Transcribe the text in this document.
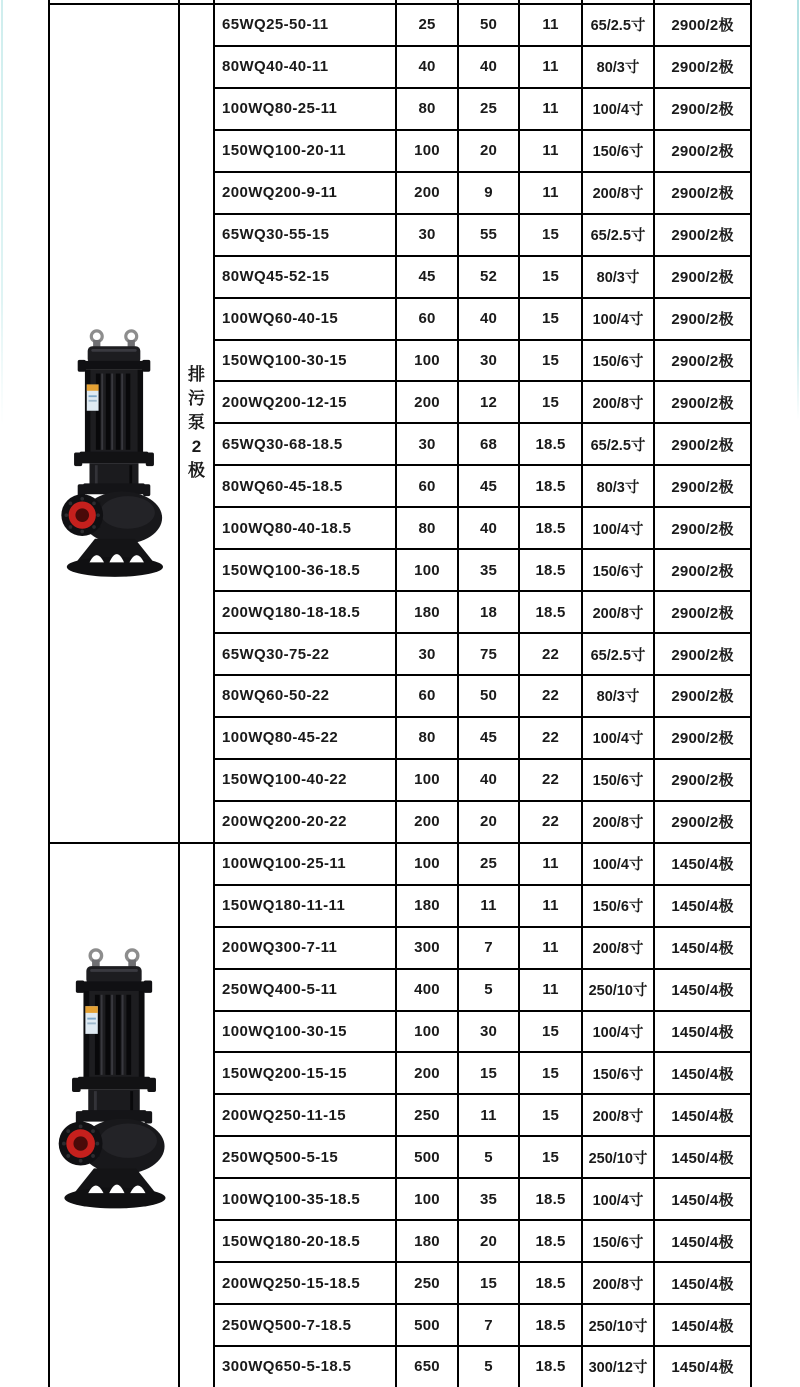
排
污
泵
2
极
65WQ25-50-11	25	50	11	65/2.5寸	2900/2极
80WQ40-40-11	40	40	11	80/3寸	2900/2极
100WQ80-25-11	80	25	11	100/4寸	2900/2极
150WQ100-20-11	100	20	11	150/6寸	2900/2极
200WQ200-9-11	200	9	11	200/8寸	2900/2极
65WQ30-55-15	30	55	15	65/2.5寸	2900/2极
80WQ45-52-15	45	52	15	80/3寸	2900/2极
100WQ60-40-15	60	40	15	100/4寸	2900/2极
150WQ100-30-15	100	30	15	150/6寸	2900/2极
200WQ200-12-15	200	12	15	200/8寸	2900/2极
65WQ30-68-18.5	30	68	18.5	65/2.5寸	2900/2极
80WQ60-45-18.5	60	45	18.5	80/3寸	2900/2极
100WQ80-40-18.5	80	40	18.5	100/4寸	2900/2极
150WQ100-36-18.5	100	35	18.5	150/6寸	2900/2极
200WQ180-18-18.5	180	18	18.5	200/8寸	2900/2极
65WQ30-75-22	30	75	22	65/2.5寸	2900/2极
80WQ60-50-22	60	50	22	80/3寸	2900/2极
100WQ80-45-22	80	45	22	100/4寸	2900/2极
150WQ100-40-22	100	40	22	150/6寸	2900/2极
200WQ200-20-22	200	20	22	200/8寸	2900/2极
100WQ100-25-11	100	25	11	100/4寸	1450/4极
150WQ180-11-11	180	11	11	150/6寸	1450/4极
200WQ300-7-11	300	7	11	200/8寸	1450/4极
250WQ400-5-11	400	5	11	250/10寸	1450/4极
100WQ100-30-15	100	30	15	100/4寸	1450/4极
150WQ200-15-15	200	15	15	150/6寸	1450/4极
200WQ250-11-15	250	11	15	200/8寸	1450/4极
250WQ500-5-15	500	5	15	250/10寸	1450/4极
100WQ100-35-18.5	100	35	18.5	100/4寸	1450/4极
150WQ180-20-18.5	180	20	18.5	150/6寸	1450/4极
200WQ250-15-18.5	250	15	18.5	200/8寸	1450/4极
250WQ500-7-18.5	500	7	18.5	250/10寸	1450/4极
300WQ650-5-18.5	650	5	18.5	300/12寸	1450/4极
